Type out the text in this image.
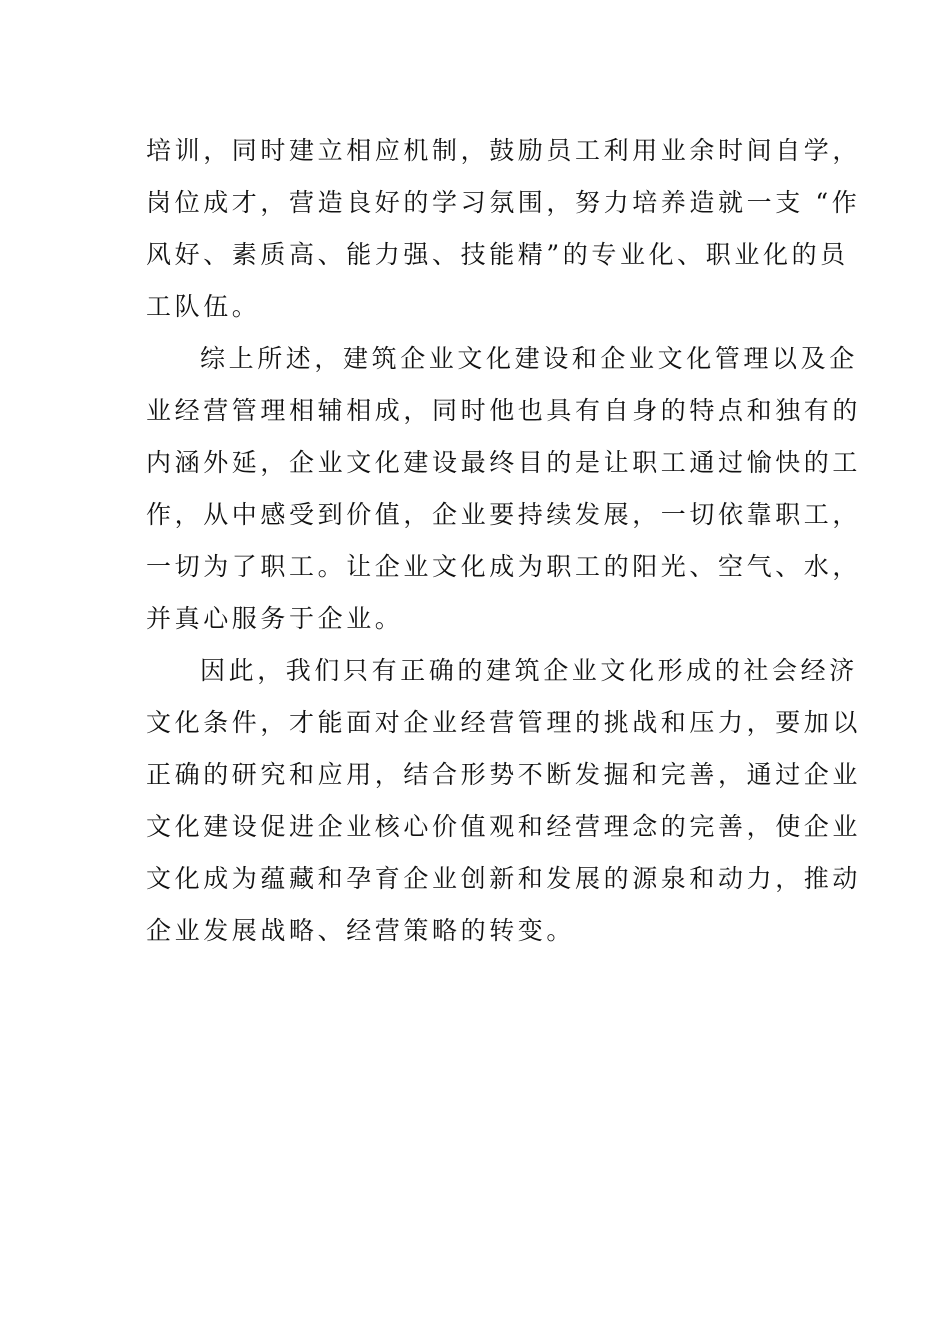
培训，同时建立相应机制，鼓励员工利用业余时间自学，
岗位成才，营造良好的学习氛围，努力培养造就一支 “作
风好、素质高、能力强、技能精”的专业化、职业化的员
工队伍。
综上所述，建筑企业文化建设和企业文化管理以及企
业经营管理相辅相成，同时他也具有自身的特点和独有的
内涵外延，企业文化建设最终目的是让职工通过愉快的工
作，从中感受到价值，企业要持续发展，一切依靠职工，
一切为了职工。让企业文化成为职工的阳光、空气、水，
并真心服务于企业。
因此，我们只有正确的建筑企业文化形成的社会经济
文化条件，才能面对企业经营管理的挑战和压力，要加以
正确的研究和应用，结合形势不断发掘和完善，通过企业
文化建设促进企业核心价值观和经营理念的完善，使企业
文化成为蕴藏和孕育企业创新和发展的源泉和动力，推动
企业发展战略、经营策略的转变。
